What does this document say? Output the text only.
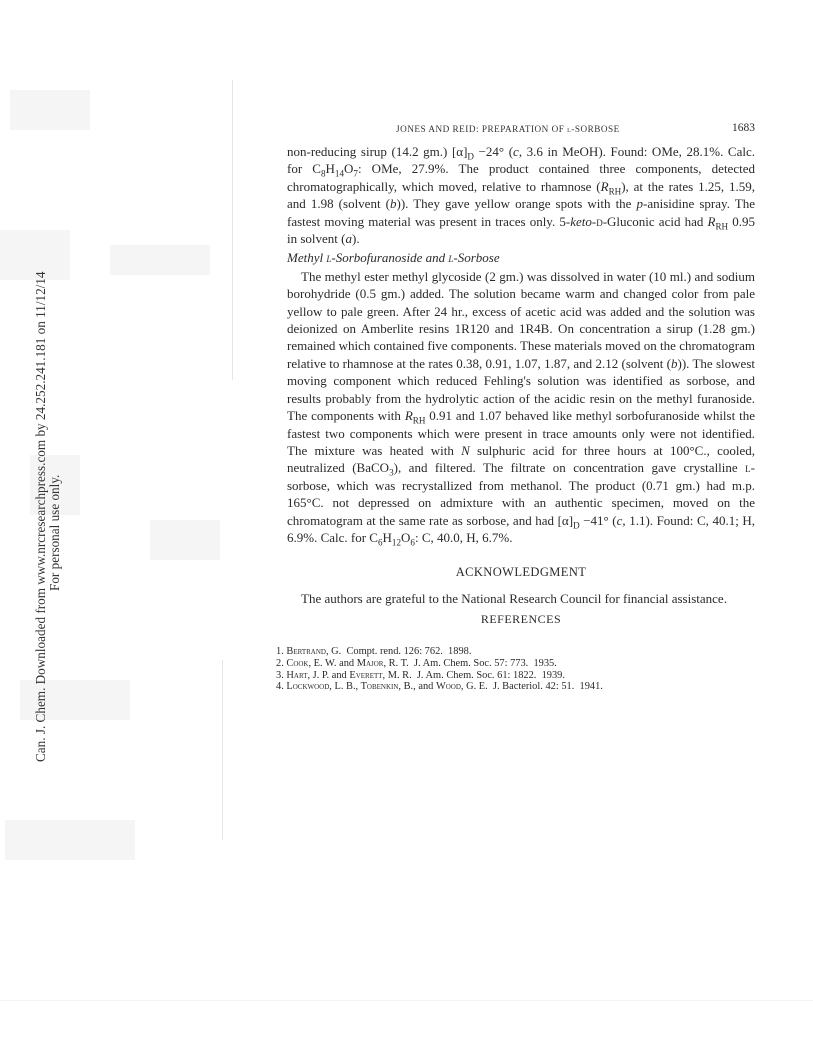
Can. J. Chem. Downloaded from www.nrcresearchpress.com by 24.252.241.181 on 11/12/14 For personal use only.
JONES AND REID: PREPARATION OF l-SORBOSE	1683

non-reducing sirup (14.2 gm.) $[\alpha]_D -24^\circ$ (c, 3.6 in MeOH). Found: OMe, 28.1%. Calc. for $C_8H_{14}O_7$: OMe, 27.9%. The product contained three components, detected chromatographically, which moved, relative to rhamnose $(R_{RH})$, at the rates 1.25, 1.59, and 1.98 (solvent (b)). They gave yellow orange spots with the p-anisidine spray. The fastest moving material was present in traces only. 5-keto-d-Gluconic acid had $R_{RH}$ 0.95 in solvent (a).

Methyl l-Sorbofuranoside and l-Sorbose

The methyl ester methyl glycoside (2 gm.) was dissolved in water (10 ml.) and sodium borohydride (0.5 gm.) added. The solution became warm and changed color from pale yellow to pale green. After 24 hr., excess of acetic acid was added and the solution was deionized on Amberlite resins 1R120 and 1R4B. On concentration a sirup (1.28 gm.) remained which contained five components. These materials moved on the chromatogram relative to rhamnose at the rates 0.38, 0.91, 1.07, 1.87, and 2.12 (solvent (b)). The slowest moving component which reduced Fehling's solution was identified as sorbose, and results probably from the hydrolytic action of the acidic resin on the methyl furanoside. The components with $R_{RH}$ 0.91 and 1.07 behaved like methyl sorbofuranoside whilst the fastest two components which were present in trace amounts only were not identified. The mixture was heated with N sulphuric acid for three hours at 100°C., cooled, neutralized (BaCO$_3$), and filtered. The filtrate on concentration gave crystalline l-sorbose, which was recrystallized from methanol. The product (0.71 gm.) had m.p. 165°C. not depressed on admixture with an authentic specimen, moved on the chromatogram at the same rate as sorbose, and had $[\alpha]_D -41^\circ$ (c, 1.1). Found: C, 40.1; H, 6.9%. Calc. for $C_6H_{12}O_6$: C, 40.0, H, 6.7%.

ACKNOWLEDGMENT

The authors are grateful to the National Research Council for financial assistance.

REFERENCES

1. Bertrand, G.  Compt. rend. 126: 762.  1898.
2. Cook, E. W. and Major, R. T.  J. Am. Chem. Soc. 57: 773.  1935.
3. Hart, J. P. and Everett, M. R.  J. Am. Chem. Soc. 61: 1822.  1939.
4. Lockwood, L. B., Tobenkin, B., and Wood, G. E.  J. Bacteriol. 42: 51.  1941.
